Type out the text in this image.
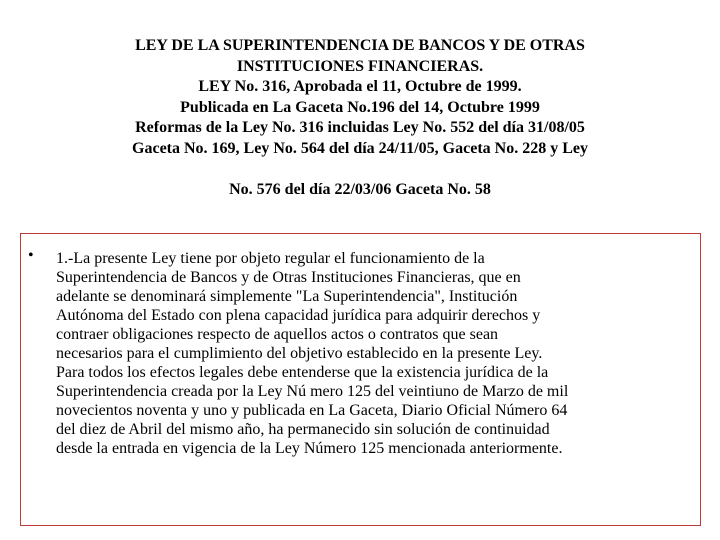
LEY DE LA SUPERINTENDENCIA DE BANCOS Y DE OTRAS
INSTITUCIONES FINANCIERAS.
LEY No. 316, Aprobada el 11, Octubre de 1999.
Publicada en La Gaceta No.196 del 14, Octubre 1999
Reformas de la Ley No. 316 incluidas Ley No. 552 del día 31/08/05
Gaceta No. 169, Ley No. 564 del día 24/11/05, Gaceta No. 228 y Ley
No. 576 del día 22/03/06 Gaceta No. 58
• 1.-La presente Ley tiene por objeto regular el funcionamiento de la
Superintendencia de Bancos y de Otras Instituciones Financieras, que en
adelante se denominará simplemente "La Superintendencia", Institución
Autónoma del Estado con plena capacidad jurídica para adquirir derechos y
contraer obligaciones respecto de aquellos actos o contratos que sean
necesarios para el cumplimiento del objetivo establecido en la presente Ley.
Para todos los efectos legales debe entenderse que la existencia jurídica de la
Superintendencia creada por la Ley Nú mero 125 del veintiuno de Marzo de mil
novecientos noventa y uno y publicada en La Gaceta, Diario Oficial Número 64
del diez de Abril del mismo año, ha permanecido sin solución de continuidad
desde la entrada en vigencia de la Ley Número 125 mencionada anteriormente.
